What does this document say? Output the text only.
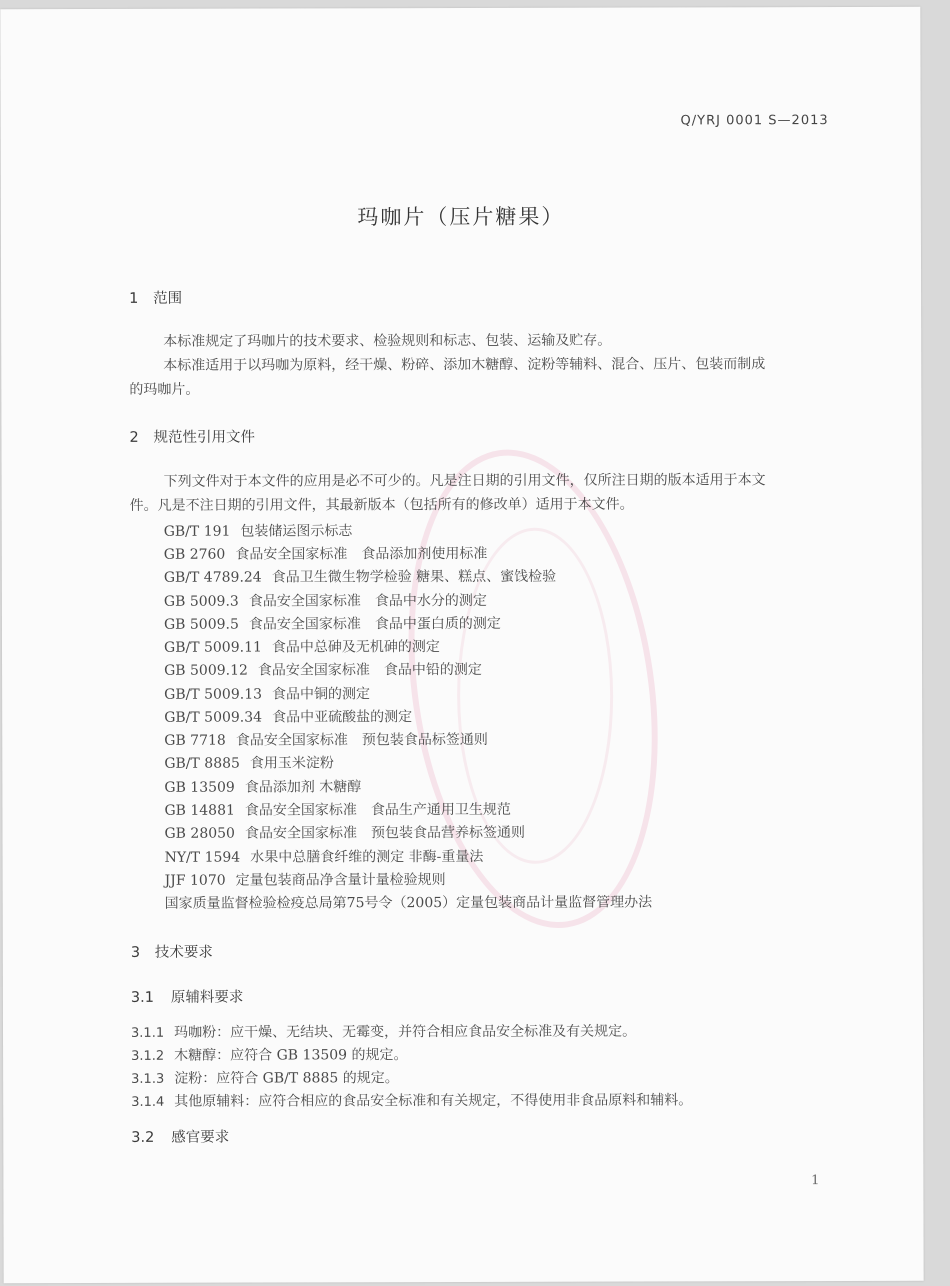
Q/YRJ 0001 S—2013
玛咖片（压片糖果）
1 范围
本标准规定了玛咖片的技术要求、检验规则和标志、包装、运输及贮存。
本标准适用于以玛咖为原料，经干燥、粉碎、添加木糖醇、淀粉等辅料、混合、压片、包装而制成
的玛咖片。
2 规范性引用文件
下列文件对于本文件的应用是必不可少的。凡是注日期的引用文件，仅所注日期的版本适用于本文
件。凡是不注日期的引用文件，其最新版本（包括所有的修改单）适用于本文件。
GB/T 191 包装储运图示标志
GB 2760 食品安全国家标准　食品添加剂使用标准
GB/T 4789.24 食品卫生微生物学检验 糖果、糕点、蜜饯检验
GB 5009.3 食品安全国家标准　食品中水分的测定
GB 5009.5 食品安全国家标准　食品中蛋白质的测定
GB/T 5009.11 食品中总砷及无机砷的测定
GB 5009.12 食品安全国家标准　食品中铅的测定
GB/T 5009.13 食品中铜的测定
GB/T 5009.34 食品中亚硫酸盐的测定
GB 7718 食品安全国家标准　预包装食品标签通则
GB/T 8885 食用玉米淀粉
GB 13509 食品添加剂 木糖醇
GB 14881 食品安全国家标准　食品生产通用卫生规范
GB 28050 食品安全国家标准　预包装食品营养标签通则
NY/T 1594 水果中总膳食纤维的测定 非酶-重量法
JJF 1070 定量包装商品净含量计量检验规则
国家质量监督检验检疫总局第75号令（2005）定量包装商品计量监督管理办法
3 技术要求
3.1 原辅料要求
3.1.1 玛咖粉：应干燥、无结块、无霉变，并符合相应食品安全标准及有关规定。
3.1.2 木糖醇：应符合 GB 13509 的规定。
3.1.3 淀粉：应符合 GB/T 8885 的规定。
3.1.4 其他原辅料：应符合相应的食品安全标准和有关规定，不得使用非食品原料和辅料。
3.2 感官要求
1
